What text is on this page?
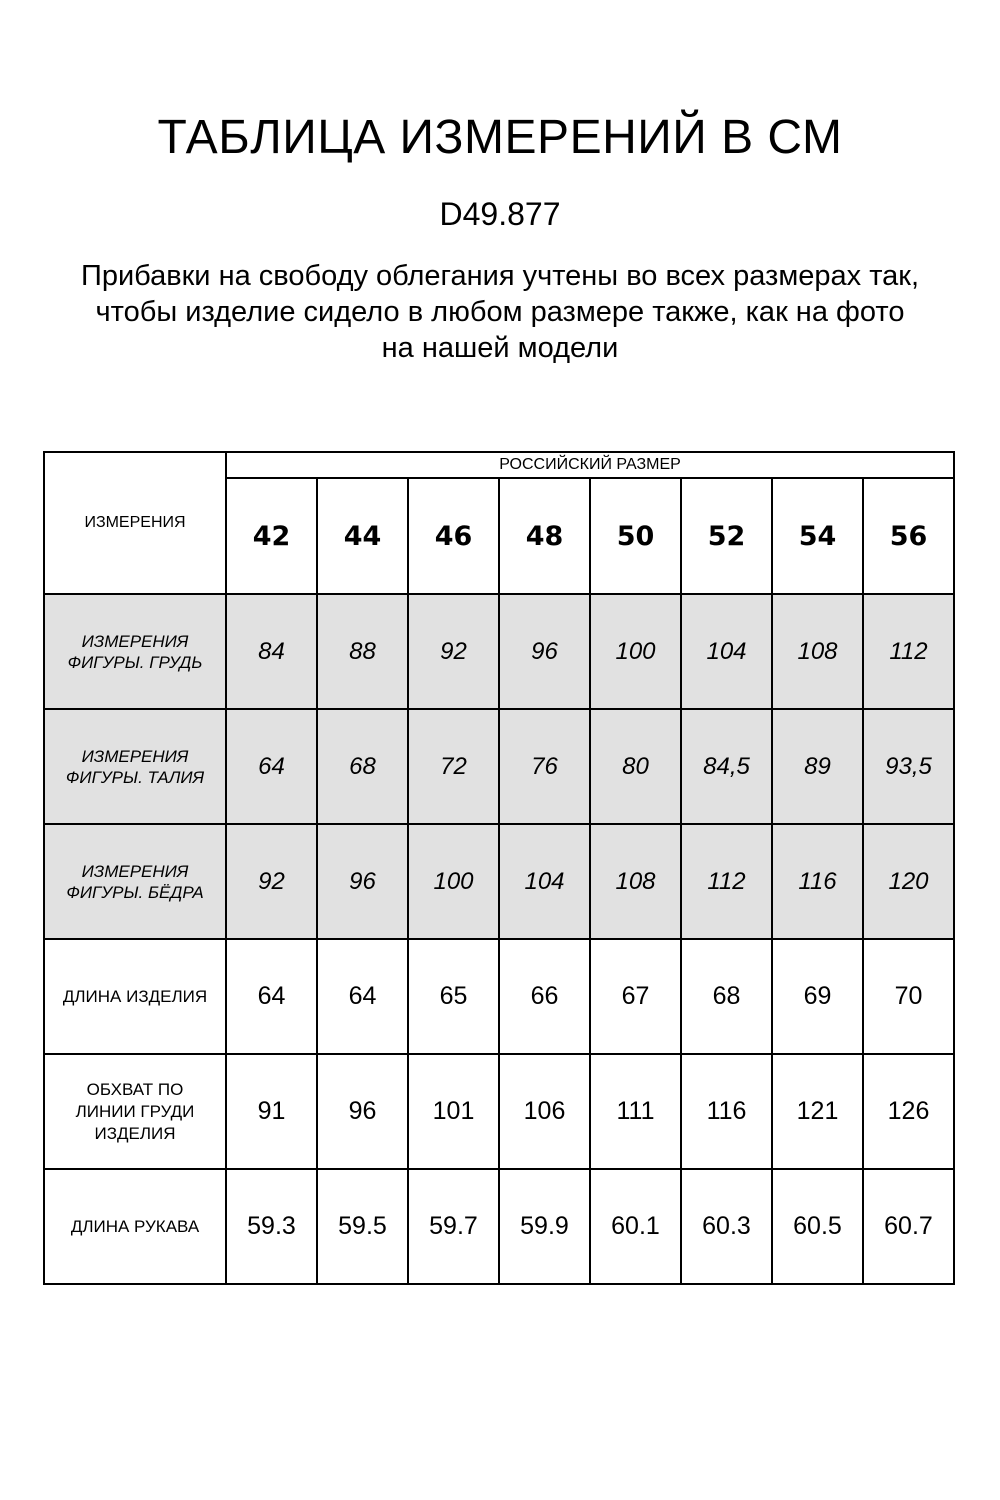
ТАБЛИЦА ИЗМЕРЕНИЙ В СМ
D49.877
Прибавки на свободу облегания учтены во всех размерах так,
чтобы изделие сидело в любом размере также, как на фото
на нашей модели
ИЗМЕРЕНИЯ	РОССИЙСКИЙ РАЗМЕР							
	42	44	46	48	50	52	54	56
ИЗМЕРЕНИЯ ФИГУРЫ. ГРУДЬ	84	88	92	96	100	104	108	112
ИЗМЕРЕНИЯ ФИГУРЫ. ТАЛИЯ	64	68	72	76	80	84,5	89	93,5
ИЗМЕРЕНИЯ ФИГУРЫ. БЁДРА	92	96	100	104	108	112	116	120
ДЛИНА ИЗДЕЛИЯ	64	64	65	66	67	68	69	70
ОБХВАТ ПО ЛИНИИ ГРУДИ ИЗДЕЛИЯ	91	96	101	106	111	116	121	126
ДЛИНА РУКАВА	59.3	59.5	59.7	59.9	60.1	60.3	60.5	60.7
